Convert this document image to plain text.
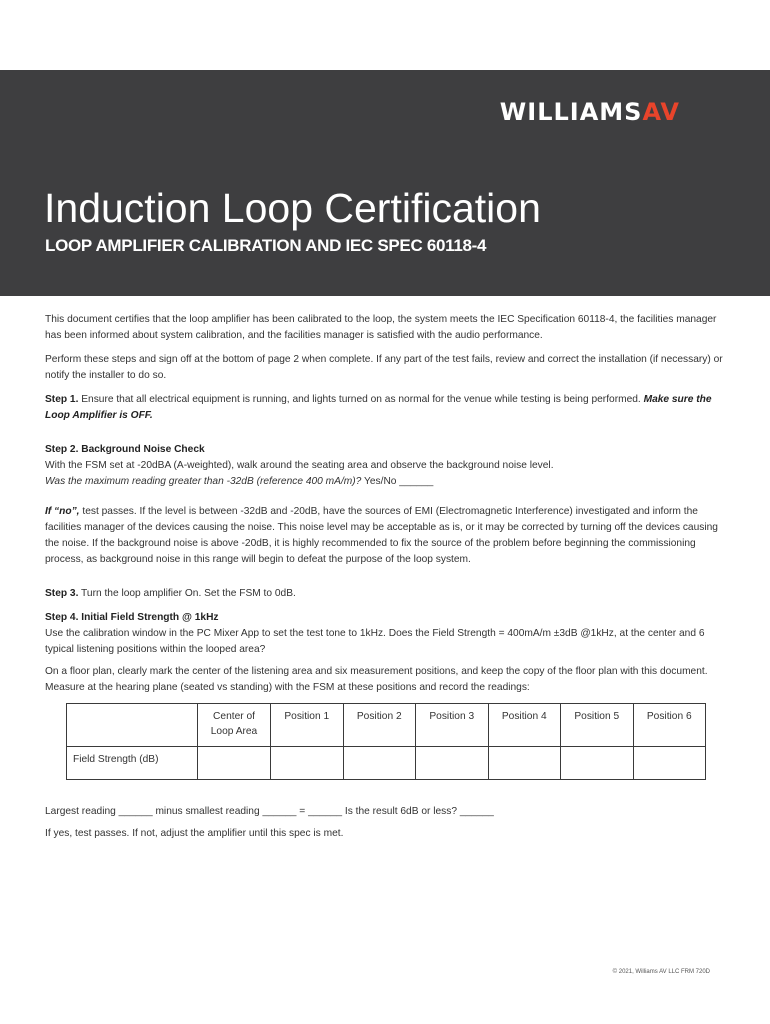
WILLIAMSAV
Induction Loop Certification
LOOP AMPLIFIER CALIBRATION AND IEC SPEC 60118-4

This document certifies that the loop amplifier has been calibrated to the loop, the system meets the IEC Specification 60118-4, the facilities manager has been informed about system calibration, and the facilities manager is satisfied with the audio performance.

Perform these steps and sign off at the bottom of page 2 when complete. If any part of the test fails, review and correct the installation (if necessary) or notify the installer to do so.

Step 1. Ensure that all electrical equipment is running, and lights turned on as normal for the venue while testing is being performed. Make sure the Loop Amplifier is OFF.

Step 2. Background Noise Check

With the FSM set at -20dBA (A-weighted), walk around the seating area and observe the background noise level.

Was the maximum reading greater than -32dB (reference 400 mA/m)? Yes/No ______

If “no”, test passes. If the level is between -32dB and -20dB, have the sources of EMI (Electromagnetic Interference) investigated and inform the facilities manager of the devices causing the noise. This noise level may be acceptable as is, or it may be corrected by turning off the devices causing the noise. If the background noise is above -20dB, it is highly recommended to fix the source of the problem before beginning the commissioning process, as background noise in this range will begin to defeat the purpose of the loop system.

Step 3. Turn the loop amplifier On. Set the FSM to 0dB.

Step 4. Initial Field Strength @ 1kHz

Use the calibration window in the PC Mixer App to set the test tone to 1kHz. Does the Field Strength = 400mA/m ±3dB @1kHz, at the center and 6 typical listening positions within the looped area?

On a floor plan, clearly mark the center of the listening area and six measurement positions, and keep the copy of the floor plan with this document. Measure at the hearing plane (seated vs standing) with the FSM at these positions and record the readings:

	Center of Loop Area	Position 1	Position 2	Position 3	Position 4	Position 5	Position 6
Field Strength (dB)							

Largest reading ______ minus smallest reading ______ = ______ Is the result 6dB or less? ______

If yes, test passes. If not, adjust the amplifier until this spec is met.

© 2021, Williams AV LLC FRM 720D
